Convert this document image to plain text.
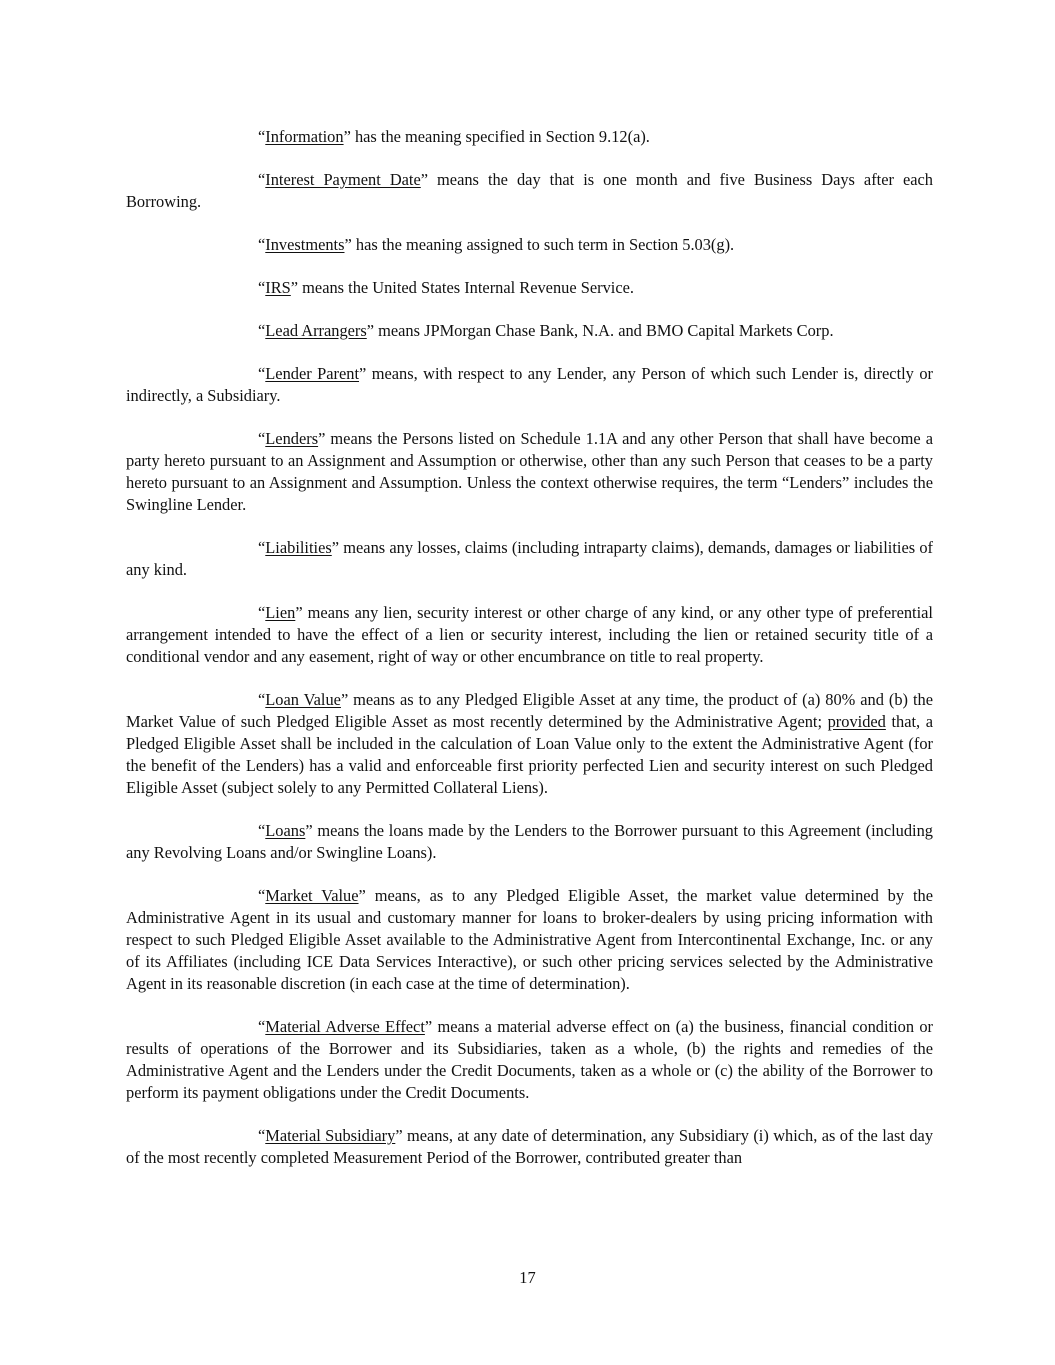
“Information” has the meaning specified in Section 9.12(a).

“Interest Payment Date” means the day that is one month and five Business Days after each Borrowing.

“Investments” has the meaning assigned to such term in Section 5.03(g).

“IRS” means the United States Internal Revenue Service.

“Lead Arrangers” means JPMorgan Chase Bank, N.A. and BMO Capital Markets Corp.

“Lender Parent” means, with respect to any Lender, any Person of which such Lender is, directly or indirectly, a Subsidiary.

“Lenders” means the Persons listed on Schedule 1.1A and any other Person that shall have become a party hereto pursuant to an Assignment and Assumption or otherwise, other than any such Person that ceases to be a party hereto pursuant to an Assignment and Assumption. Unless the context otherwise requires, the term “Lenders” includes the Swingline Lender.

“Liabilities” means any losses, claims (including intraparty claims), demands, damages or liabilities of any kind.

“Lien” means any lien, security interest or other charge of any kind, or any other type of preferential arrangement intended to have the effect of a lien or security interest, including the lien or retained security title of a conditional vendor and any easement, right of way or other encumbrance on title to real property.

“Loan Value” means as to any Pledged Eligible Asset at any time, the product of (a) 80% and (b) the Market Value of such Pledged Eligible Asset as most recently determined by the Administrative Agent; provided that, a Pledged Eligible Asset shall be included in the calculation of Loan Value only to the extent the Administrative Agent (for the benefit of the Lenders) has a valid and enforceable first priority perfected Lien and security interest on such Pledged Eligible Asset (subject solely to any Permitted Collateral Liens).

“Loans” means the loans made by the Lenders to the Borrower pursuant to this Agreement (including any Revolving Loans and/or Swingline Loans).

“Market Value” means, as to any Pledged Eligible Asset, the market value determined by the Administrative Agent in its usual and customary manner for loans to broker-dealers by using pricing information with respect to such Pledged Eligible Asset available to the Administrative Agent from Intercontinental Exchange, Inc. or any of its Affiliates (including ICE Data Services Interactive), or such other pricing services selected by the Administrative Agent in its reasonable discretion (in each case at the time of determination).

“Material Adverse Effect” means a material adverse effect on (a) the business, financial condition or results of operations of the Borrower and its Subsidiaries, taken as a whole, (b) the rights and remedies of the Administrative Agent and the Lenders under the Credit Documents, taken as a whole or (c) the ability of the Borrower to perform its payment obligations under the Credit Documents.

“Material Subsidiary” means, at any date of determination, any Subsidiary (i) which, as of the last day of the most recently completed Measurement Period of the Borrower, contributed greater than

17
